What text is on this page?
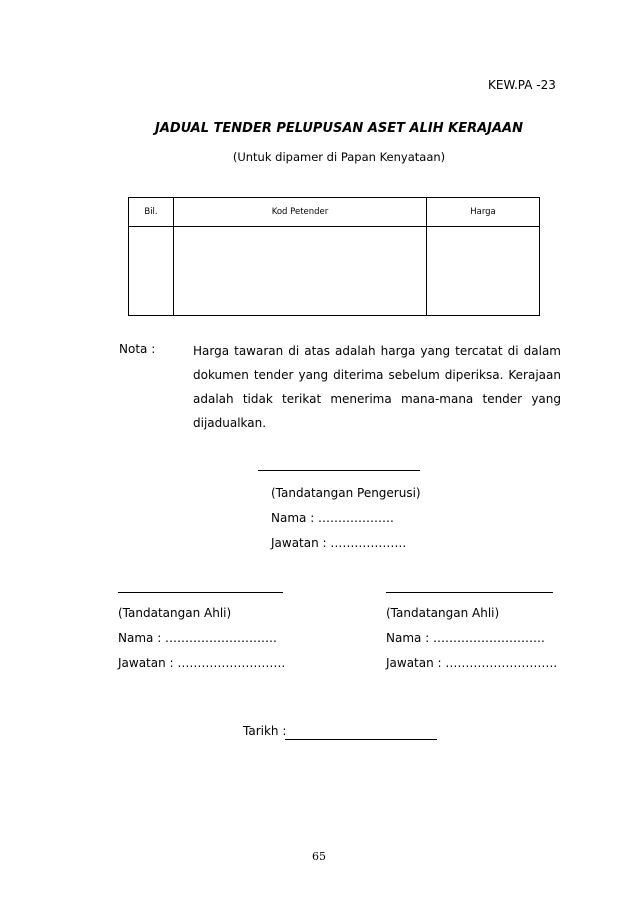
KEW.PA -23
JADUAL TENDER PELUPUSAN ASET ALIH KERAJAAN
(Untuk dipamer di Papan Kenyataan)
Bil.	Kod Petender	Harga

Nota :	Harga tawaran di atas adalah harga yang tercatat di dalam dokumen tender yang diterima sebelum diperiksa. Kerajaan adalah tidak terikat menerima mana-mana tender yang dijadualkan.
(Tandatangan Pengerusi)
Nama : ……………….
Jawatan : ……………….
(Tandatangan Ahli)
Nama : ……………………….
Jawatan : ………………………
(Tandatangan Ahli)
Nama : ……………………….
Jawatan : ……………………….
Tarikh :
65
